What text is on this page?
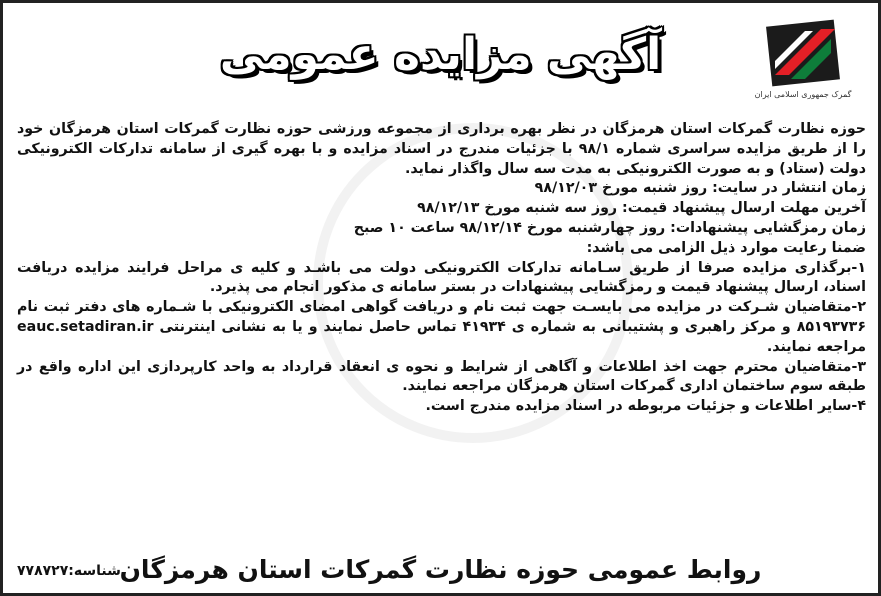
گمرک جمهوری اسلامی ایران
آگهی مزایده عمومی

حوزه نظارت گمرکات استان هرمزگان در نظر بهره برداری از مجموعه ورزشی حوزه نظارت گمرکات استان هرمزگان خود را از طریق مزایده سراسری شماره ۹۸/۱ با جزئیات مندرج در اسناد مزایده و با بهره گیری از سامانه تدارکات الکترونیکی دولت (ستاد) و به صورت الکترونیکی به مدت سه سال واگذار نماید.

زمان انتشار در سایت: روز شنبه مورخ ۹۸/۱۲/۰۳

آخرین مهلت ارسال پیشنهاد قیمت: روز سه شنبه مورخ ۹۸/۱۲/۱۳

زمان رمزگشایی پیشنهادات: روز چهارشنبه مورخ ۹۸/۱۲/۱۴ ساعت ۱۰ صبح

ضمنا رعایت موارد ذیل الزامی می باشد:

۱-برگذاری مزایده صرفا از طریق سـامانه تدارکات الکترونیکی دولت می باشـد و کلیه ی مراحل فرایند مزایده دریافت اسناد، ارسال پیشنهاد قیمت و رمزگشایی پیشنهادات در بستر سامانه ی مذکور انجام می پذیرد.

۲-متقاضیان شـرکت در مزایده می بایسـت جهت ثبت نام و دریافت گواهی امضای الکترونیکی با شـماره های دفتر ثبت نام ۸۵۱۹۳۷۳۶ و مرکز راهبری و پشتیبانی به شماره ی ۴۱۹۳۴ تماس حاصل نمایند و یا به نشانی اینترنتی eauc.setadiran.ir مراجعه نمایند.

۳-متقاضیان محترم جهت اخذ اطلاعات و آگاهی از شرایط و نحوه ی انعقاد قرارداد به واحد کارپردازی این اداره واقع در طبقه سوم ساختمان اداری گمرکات استان هرمزگان مراجعه نمایند.

۴-سایر اطلاعات و جزئیات مربوطه در اسناد مزایده مندرج است.

روابط عمومی حوزه نظارت گمرکات استان هرمزگان
شناسه:۷۷۸۷۲۷
